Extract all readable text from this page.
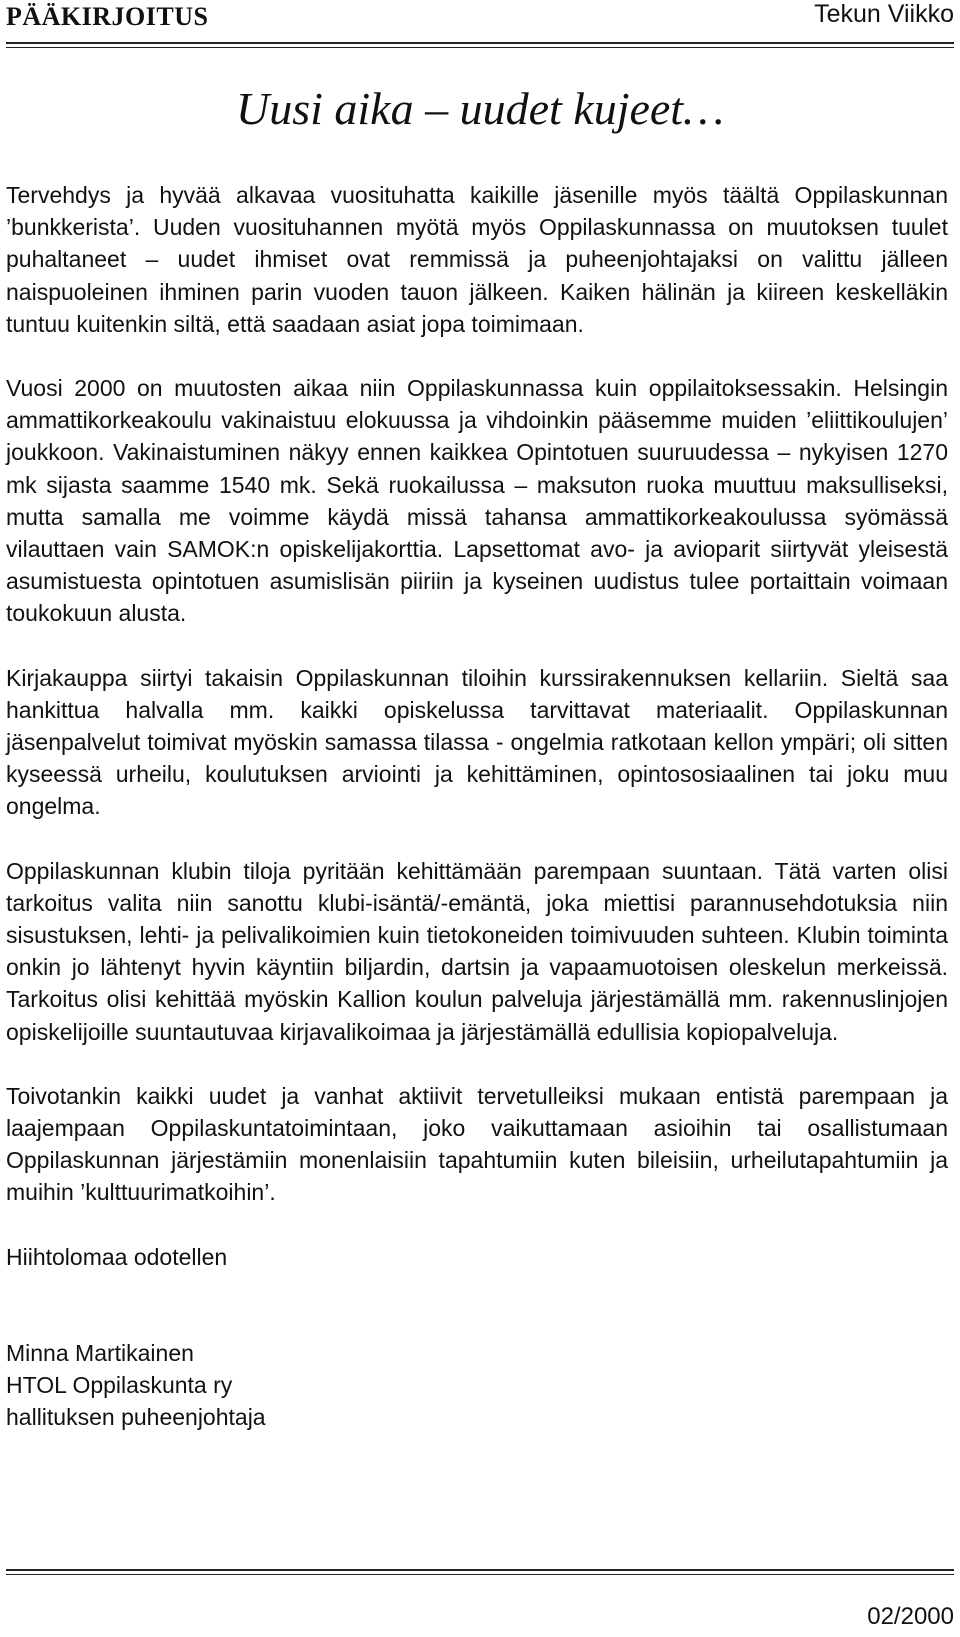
PÄÄKIRJOITUS	Tekun Viikko
Uusi aika – uudet kujeet…

Tervehdys ja hyvää alkavaa vuosituhatta kaikille jäsenille myös täältä Oppilaskunnan ’bunkkerista’. Uuden vuosituhannen myötä myös Oppilaskunnassa on muutoksen tuulet puhaltaneet – uudet ihmiset ovat remmissä ja puheenjohtajaksi on valittu jälleen naispuoleinen ihminen parin vuoden tauon jälkeen. Kaiken hälinän ja kiireen keskelläkin tuntuu kuitenkin siltä, että saadaan asiat jopa toimimaan.

Vuosi 2000 on muutosten aikaa niin Oppilaskunnassa kuin oppilaitoksessakin. Helsingin ammattikorkeakoulu vakinaistuu elokuussa ja vihdoinkin pääsemme muiden ’eliittikoulujen’ joukkoon. Vakinaistuminen näkyy ennen kaikkea Opintotuen suuruudessa – nykyisen 1270 mk sijasta saamme 1540 mk. Sekä ruokailussa – maksuton ruoka muuttuu maksulliseksi, mutta samalla me voimme käydä missä tahansa ammattikorkeakoulussa syömässä vilauttaen vain SAMOK:n opiskelijakorttia. Lapsettomat avo- ja avioparit siirtyvät yleisestä asumistuesta opintotuen asumislisän piiriin ja kyseinen uudistus tulee portaittain voimaan toukokuun alusta.

Kirjakauppa siirtyi takaisin Oppilaskunnan tiloihin kurssirakennuksen kellariin. Sieltä saa hankittua halvalla mm. kaikki opiskelussa tarvittavat materiaalit. Oppilaskunnan jäsenpalvelut toimivat myöskin samassa tilassa - ongelmia ratkotaan kellon ympäri; oli sitten kyseessä urheilu, koulutuksen arviointi ja kehittäminen, opintososiaalinen tai joku muu ongelma.

Oppilaskunnan klubin tiloja pyritään kehittämään parempaan suuntaan. Tätä varten olisi tarkoitus valita niin sanottu klubi-isäntä/-emäntä, joka miettisi parannusehdotuksia niin sisustuksen, lehti- ja pelivalikoimien kuin tietokoneiden toimivuuden suhteen. Klubin toiminta onkin jo lähtenyt hyvin käyntiin biljardin, dartsin ja vapaamuotoisen oleskelun merkeissä. Tarkoitus olisi kehittää myöskin Kallion koulun palveluja järjestämällä mm. rakennuslinjojen opiskelijoille suuntautuvaa kirjavalikoimaa ja järjestämällä edullisia kopiopalveluja.

Toivotankin kaikki uudet ja vanhat aktiivit tervetulleiksi mukaan entistä parempaan ja laajempaan Oppilaskuntatoimintaan, joko vaikuttamaan asioihin tai osallistumaan Oppilaskunnan järjestämiin monenlaisiin tapahtumiin kuten bileisiin, urheilutapahtumiin ja muihin ’kulttuurimatkoihin’.

Hiihtolomaa odotellen

Minna Martikainen

HTOL Oppilaskunta ry

hallituksen puheenjohtaja

02/2000
